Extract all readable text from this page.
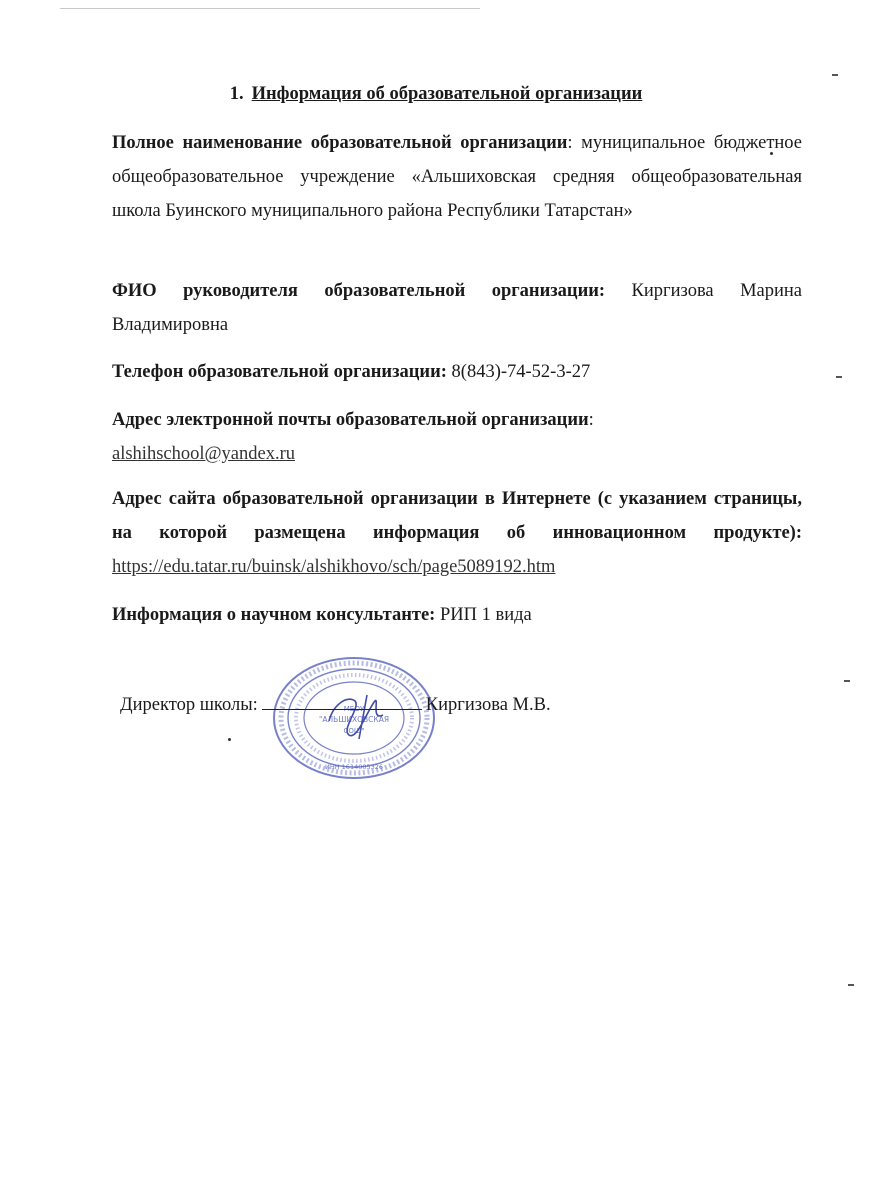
1. Информация об образовательной организации
Полное наименование образовательной организации: муниципальное бюджетное общеобразовательное учреждение «Альшиховская средняя общеобразовательная школа Буинского муниципального района Республики Татарстан»
ФИО руководителя образовательной организации: Киргизова Марина Владимировна
Телефон образовательной организации: 8(843)-74-52-3-27
Адрес электронной почты образовательной организации:
alshihschool@yandex.ru
Адрес сайта образовательной организации в Интернете (с указанием страницы, на которой размещена информация об инновационном продукте): https://edu.tatar.ru/buinsk/alshikhovo/sch/page5089192.htm
Информация о научном консультанте: РИП 1 вида
МБОУ
"АЛЬШИХОВСКАЯ
СОШ"
ИНН 1614005326
Директор школы:	Киргизова М.В.
